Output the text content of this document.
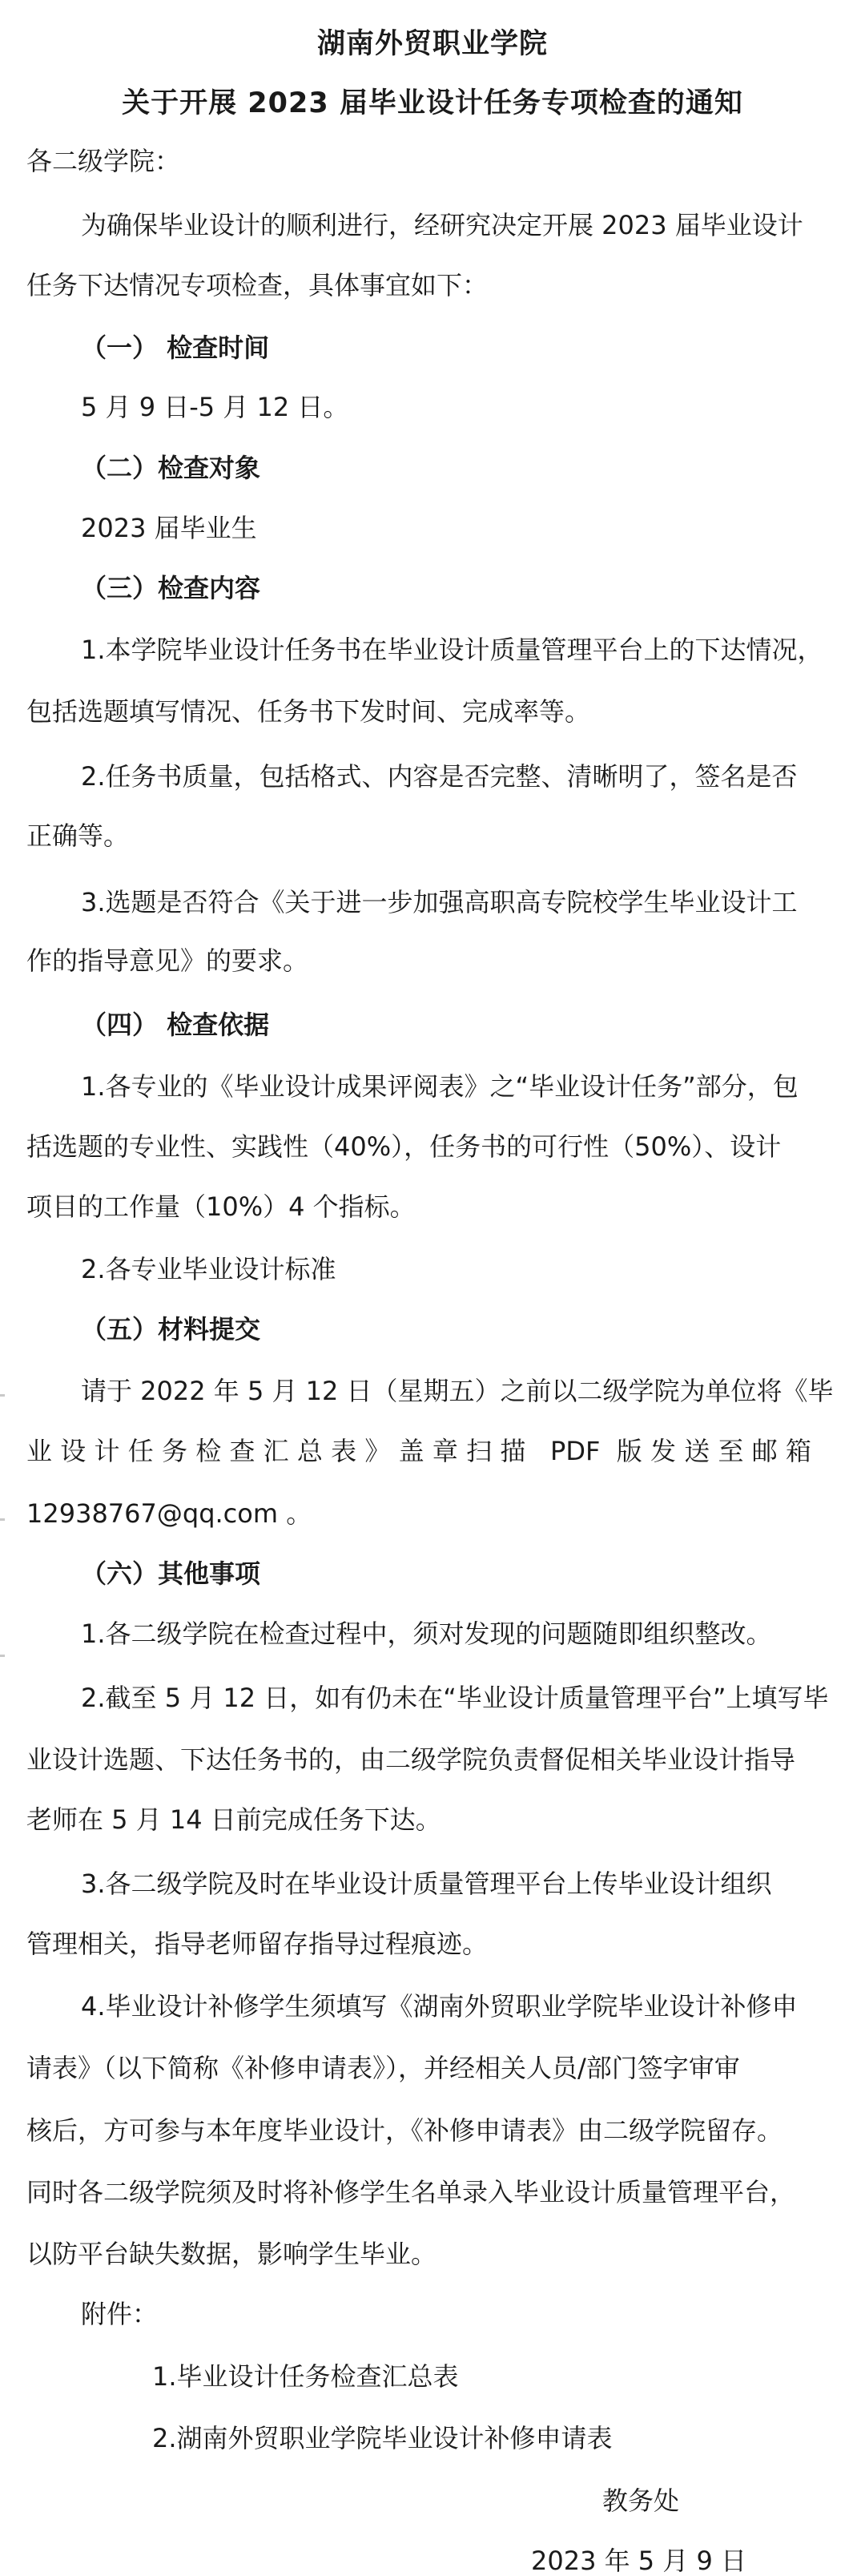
湖南外贸职业学院
关于开展 2023 届毕业设计任务专项检查的通知
各二级学院：
为确保毕业设计的顺利进行，经研究决定开展 2023 届毕业设计
任务下达情况专项检查，具体事宜如下：
（一） 检查时间
5 月 9 日-5 月 12 日。
（二）检查对象
2023 届毕业生
（三）检查内容
1.本学院毕业设计任务书在毕业设计质量管理平台上的下达情况，
包括选题填写情况、任务书下发时间、完成率等。
2.任务书质量，包括格式、内容是否完整、清晰明了，签名是否
正确等。
3.选题是否符合《关于进一步加强高职高专院校学生毕业设计工
作的指导意见》的要求。
（四） 检查依据
1.各专业的《毕业设计成果评阅表》之“毕业设计任务”部分，包
括选题的专业性、实践性（40%），任务书的可行性（50%）、设计
项目的工作量（10%）4 个指标。
2.各专业毕业设计标准
（五）材料提交
请于 2022 年 5 月 12 日（星期五）之前以二级学院为单位将《毕
业设计任务检查汇总表》盖章扫描 PDF 版发送至邮箱
12938767@qq.com 。
（六）其他事项
1.各二级学院在检查过程中，须对发现的问题随即组织整改。
2.截至 5 月 12 日，如有仍未在“毕业设计质量管理平台”上填写毕
业设计选题、下达任务书的，由二级学院负责督促相关毕业设计指导
老师在 5 月 14 日前完成任务下达。
3.各二级学院及时在毕业设计质量管理平台上传毕业设计组织
管理相关，指导老师留存指导过程痕迹。
4.毕业设计补修学生须填写《湖南外贸职业学院毕业设计补修申
请表》（以下简称《补修申请表》），并经相关人员/部门签字审审
核后，方可参与本年度毕业设计，《补修申请表》由二级学院留存。
同时各二级学院须及时将补修学生名单录入毕业设计质量管理平台，
以防平台缺失数据，影响学生毕业。
附件：
1.毕业设计任务检查汇总表
2.湖南外贸职业学院毕业设计补修申请表
教务处
2023 年 5 月 9 日
